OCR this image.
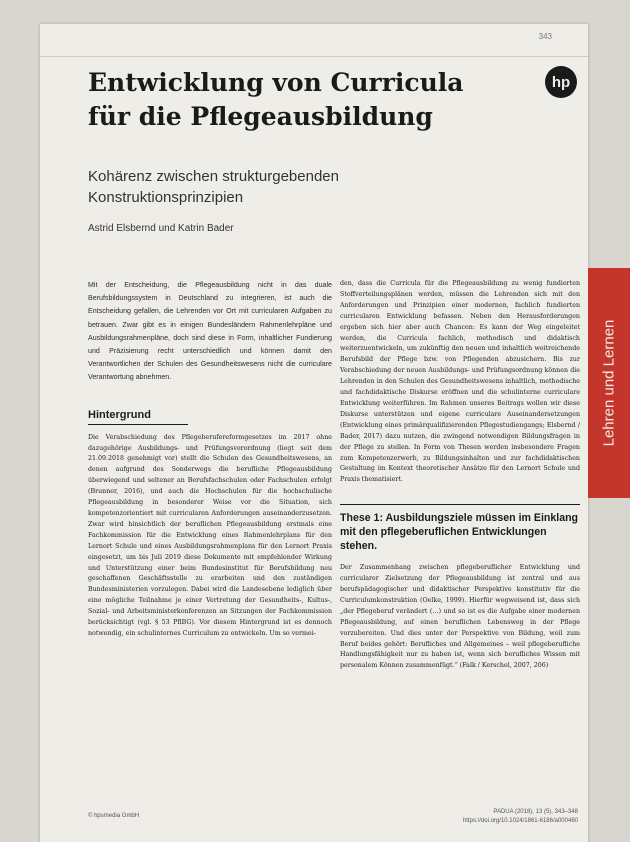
343
Entwicklung von Curricula für die Pflegeausbildung
hp
Kohärenz zwischen strukturgebenden Konstruktionsprinzipien
Astrid Elsbernd und Katrin Bader

Mit der Entscheidung, die Pflegeausbildung nicht in das duale Berufsbildungssystem in Deutschland zu integrieren, ist auch die Entscheidung gefallen, die Lehrenden vor Ort mit curricularen Aufgaben zu betrauen. Zwar gibt es in einigen Bundesländern Rahmenlehrpläne und Ausbildungsrahmenpläne, doch sind diese in Form, inhaltlicher Fundierung und Präzisierung recht unterschiedlich und können damit den Verantwortlichen der Schulen des Gesundheitswesens nicht die curriculare Verantwortung abnehmen.

Hintergrund

Die Verabschiedung des Pflegeberufereformgesetzes im 2017 ohne dazugehörige Ausbildungs- und Prüfungsverordnung (liegt seit dem 21.09.2018 genehmigt vor) stellt die Schulen des Gesundheitswesens, an denen aufgrund des Sonderwegs die berufliche Pflegeausbildung überwiegend und seltener an Berufsfachschulen oder Fachschulen erfolgt (Brunner, 2016), und auch die Hochschulen für die hochschulische Pflegeausbildung in besonderer Weise vor die Situation, sich kompetenzorientiert mit curricularen Anforderungen auseinanderzusetzen. Zwar wird hinsichtlich der beruflichen Pflegeausbildung erstmals eine Fachkommission für die Entwicklung eines Rahmenlehrplans für den Lernort Schule und eines Ausbildungsrahmenplans für den Lernort Praxis eingesetzt, um bis Juli 2019 diese Dokumente mit empfehlender Wirkung und Unterstützung einer beim Bundesinstitut für Berufsbildung neu geschaffenen Geschäftsstelle zu erarbeiten und den zuständigen Bundesministerien vorzulegen. Dabei wird die Landesebene lediglich über eine mögliche Teilnahme je einer Vertretung der Gesundheits-, Kultus-, Sozial- und Arbeitsministerkonferenzen an Sitzungen der Fachkommission berücksichtigt (vgl. § 53 PflBG). Vor diesem Hintergrund ist es dennoch notwendig, ein schulinternes Curriculum zu entwickeln. Um so vermei-

den, dass die Curricula für die Pflegeausbildung zu wenig fundierten Stoffverteilungsplänen werden, müssen die Lehrenden sich mit den Anforderungen und Prinzipien einer modernen, fachlich fundierten curricularen Entwicklung befassen. Neben den Herausforderungen ergeben sich hier aber auch Chancen: Es kann der Weg eingeleitet werden, die Curricula fachlich, methodisch und didaktisch weiterzuentwickeln, um zukünftig den neuen und inhaltlich weitreichende Berufsbild der Pflege bzw. von Pflegenden abzusichern. Bis zur Verabschiedung der neuen Ausbildungs- und Prüfungsordnung können die Lehrenden in den Schulen des Gesundheitswesens inhaltlich, methodische und fachdidaktische Diskurse eröffnen und die schulinterne curriculare Entwicklung weiterführen. Im Rahmen unseres Beitrags wollen wir diese Diskurse unterstützen und eigene curriculare Auseinandersetzungen (Entwicklung eines primärqualifizierenden Pflegestudiengangs; Elsbernd / Bader, 2017) dazu nutzen, die zwingend notwendigen Bildungsfragen in der Pflege zu stellen. In Form von Thesen werden insbesondere Fragen zum Kompetenzerwerb, zu Bildungsinhalten und zur fachdidaktischen Gestaltung im Kontext theoretischer Ansätze für den Lernort Schule und Praxis thematisiert.

These 1: Ausbildungsziele müssen im Einklang mit den pflegeberuflichen Entwicklungen stehen.

Der Zusammenhang zwischen pflegeberuflicher Entwicklung und curricularer Zielsetzung der Pflegeausbildung ist zentral und aus berufspädagogischer und didaktischer Perspektive konstitutiv für die Curriculumkonstruktion (Oelke, 1999). Hierfür wegweisend ist, dass sich „der Pflegeberuf verändert (…) und so ist es die Aufgabe einer modernen Pflegeausbildung, auf einen beruflichen Lebensweg in der Pflege vorzubereiten. Und dies unter der Perspektive von Bildung, weil zum Beruf beides gehört: Berufliches und Allgemeines – weil pflegeberufliche Handlungsfähigkeit nur zu haben ist, wenn sich berufliches Wissen mit personalem Können zusammenfügt.“ (Falk / Kerschel, 2007, 206)

© hpsmedia GmbH
PADUA (2018), 13 (5), 343–348
https://doi.org/10.1024/1861-6186/a000460
Lehren und Lernen
